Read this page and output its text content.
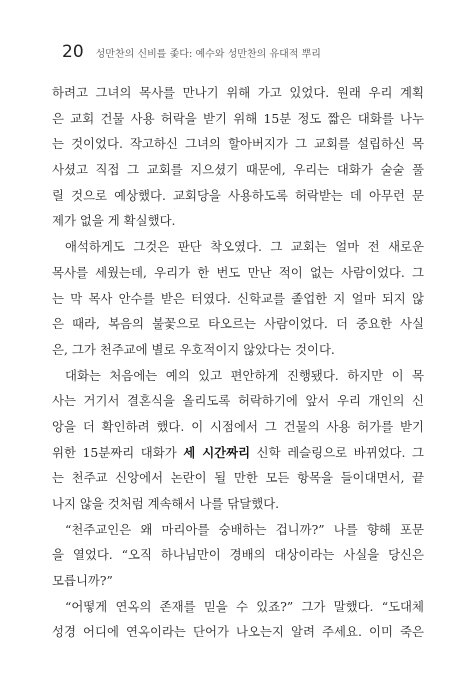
20 성만찬의 신비를 좇다: 예수와 성만찬의 유대적 뿌리
하려고 그녀의 목사를 만나기 위해 가고 있었다. 원래 우리 계획
은 교회 건물 사용 허락을 받기 위해 15분 정도 짧은 대화를 나누
는 것이었다. 작고하신 그녀의 할아버지가 그 교회를 설립하신 목
사셨고 직접 그 교회를 지으셨기 때문에, 우리는 대화가 술술 풀
릴 것으로 예상했다. 교회당을 사용하도록 허락받는 데 아무런 문
제가 없을 게 확실했다.
애석하게도 그것은 판단 착오였다. 그 교회는 얼마 전 새로운
목사를 세웠는데, 우리가 한 번도 만난 적이 없는 사람이었다. 그
는 막 목사 안수를 받은 터였다. 신학교를 졸업한 지 얼마 되지 않
은 때라, 복음의 불꽃으로 타오르는 사람이었다. 더 중요한 사실
은, 그가 천주교에 별로 우호적이지 않았다는 것이다.
대화는 처음에는 예의 있고 편안하게 진행됐다. 하지만 이 목
사는 거기서 결혼식을 올리도록 허락하기에 앞서 우리 개인의 신
앙을 더 확인하려 했다. 이 시점에서 그 건물의 사용 허가를 받기
위한 15분짜리 대화가 세 시간짜리 신학 레슬링으로 바뀌었다. 그
는 천주교 신앙에서 논란이 될 만한 모든 항목을 들이대면서, 끝
나지 않을 것처럼 계속해서 나를 닦달했다.
“천주교인은 왜 마리아를 숭배하는 겁니까?” 나를 향해 포문
을 열었다. “오직 하나님만이 경배의 대상이라는 사실을 당신은
모릅니까?”
“어떻게 연옥의 존재를 믿을 수 있죠?” 그가 말했다. “도대체
성경 어디에 연옥이라는 단어가 나오는지 알려 주세요. 이미 죽은
